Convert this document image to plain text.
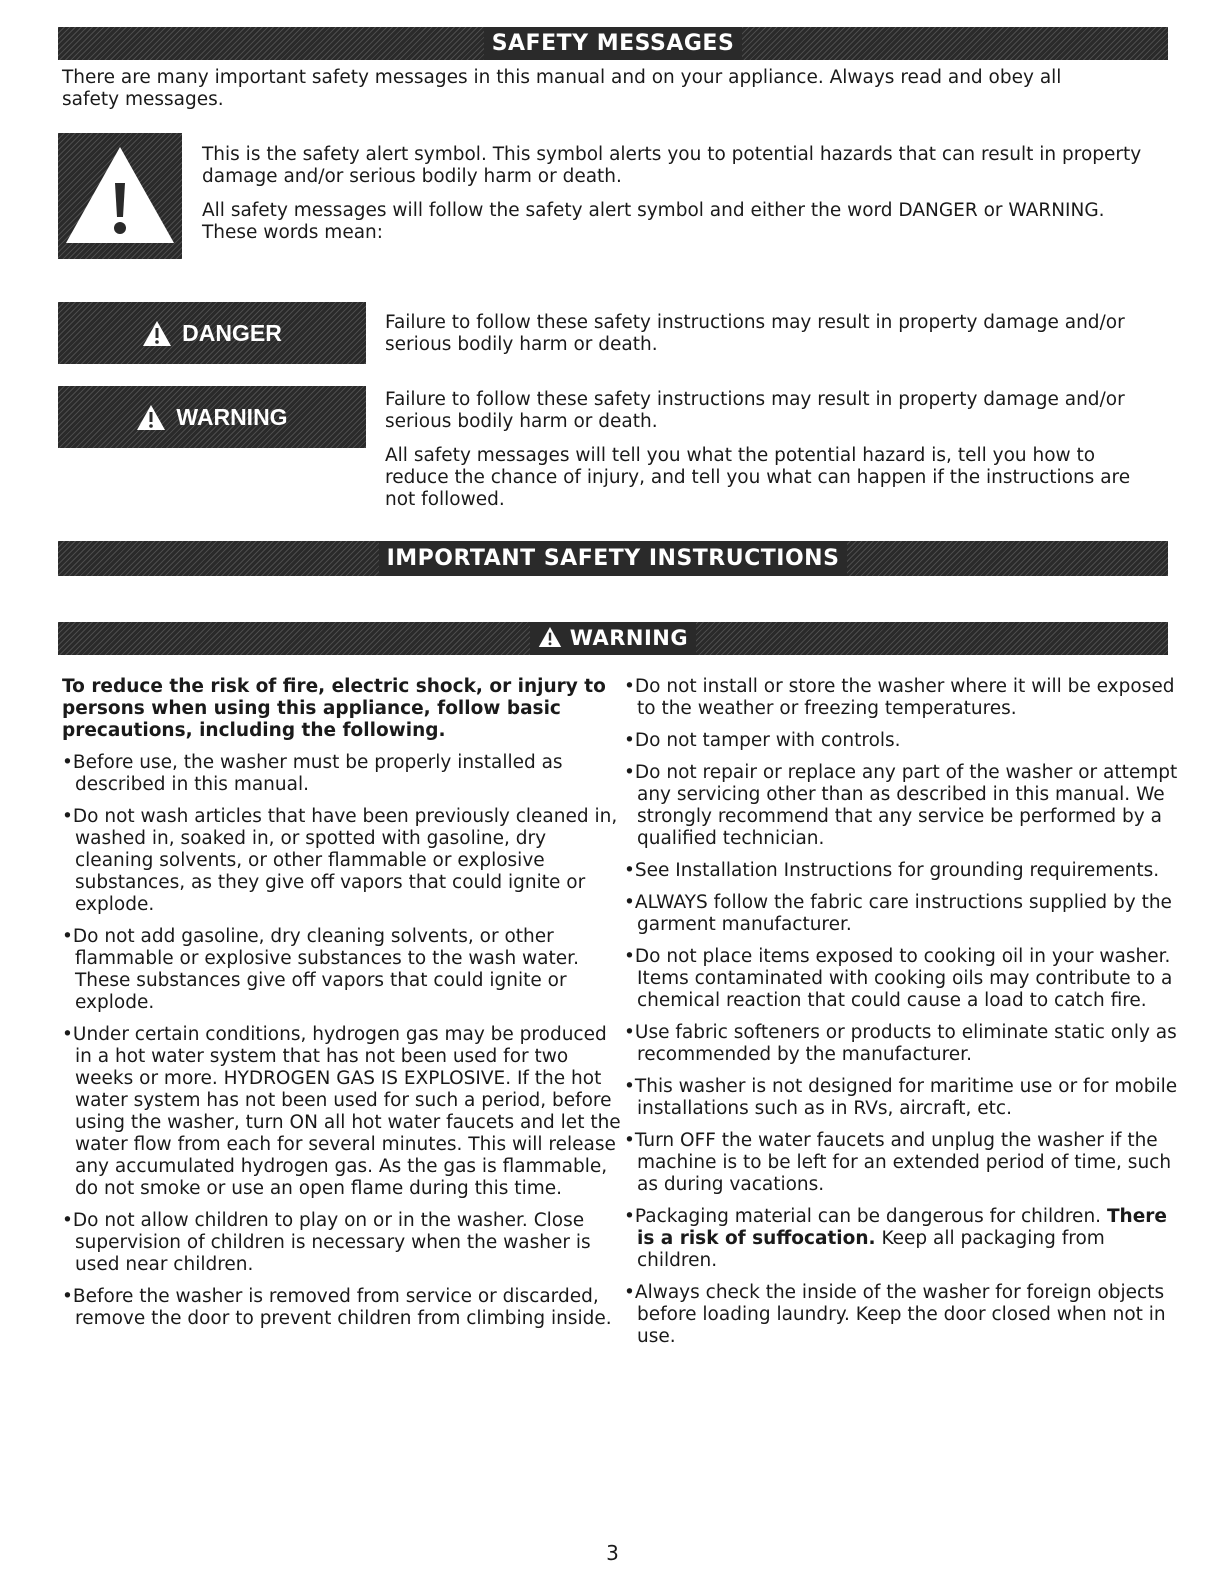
SAFETY MESSAGES

There are many important safety messages in this manual and on your appliance. Always read and obey all safety messages.

This is the safety alert symbol. This symbol alerts you to potential hazards that can result in property damage and/or serious bodily harm or death.

All safety messages will follow the safety alert symbol and either the word DANGER or WARNING. These words mean:

DANGER	Failure to follow these safety instructions may result in property damage and/or serious bodily harm or death.

WARNING

Failure to follow these safety instructions may result in property damage and/or serious bodily harm or death.

All safety messages will tell you what the potential hazard is, tell you how to reduce the chance of injury, and tell you what can happen if the instructions are not followed.

IMPORTANT SAFETY INSTRUCTIONS
WARNING

To reduce the risk of fire, electric shock, or injury to persons when using this appliance, follow basic precautions, including the following.

•Before use, the washer must be properly installed as described in this manual.

•Do not wash articles that have been previously cleaned in, washed in, soaked in, or spotted with gasoline, dry cleaning solvents, or other flammable or explosive substances, as they give off vapors that could ignite or explode.

•Do not add gasoline, dry cleaning solvents, or other flammable or explosive substances to the wash water. These substances give off vapors that could ignite or explode.

•Under certain conditions, hydrogen gas may be produced in a hot water system that has not been used for two weeks or more. HYDROGEN GAS IS EXPLOSIVE. If the hot water system has not been used for such a period, before using the washer, turn ON all hot water faucets and let the water flow from each for several minutes. This will release any accumulated hydrogen gas. As the gas is flammable, do not smoke or use an open flame during this time.

•Do not allow children to play on or in the washer. Close supervision of children is necessary when the washer is used near children.

•Before the washer is removed from service or discarded, remove the door to prevent children from climbing inside.

•Do not install or store the washer where it will be exposed to the weather or freezing temperatures.

•Do not tamper with controls.

•Do not repair or replace any part of the washer or attempt any servicing other than as described in this manual. We strongly recommend that any service be performed by a qualified technician.

•See Installation Instructions for grounding requirements.

•ALWAYS follow the fabric care instructions supplied by the garment manufacturer.

•Do not place items exposed to cooking oil in your washer. Items contaminated with cooking oils may contribute to a chemical reaction that could cause a load to catch fire.

•Use fabric softeners or products to eliminate static only as recommended by the manufacturer.

•This washer is not designed for maritime use or for mobile installations such as in RVs, aircraft, etc.

•Turn OFF the water faucets and unplug the washer if the machine is to be left for an extended period of time, such as during vacations.

•Packaging material can be dangerous for children. There is a risk of suffocation. Keep all packaging from children.

•Always check the inside of the washer for foreign objects before loading laundry. Keep the door closed when not in use.

3
